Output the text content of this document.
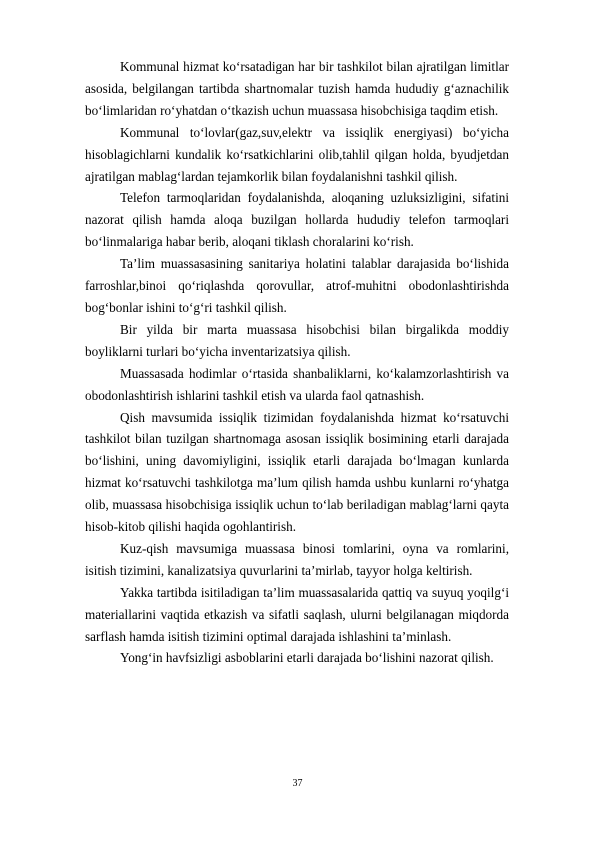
Kommunal hizmat ko‘rsatadigan har bir tashkilot bilan ajratilgan limitlar asosida, belgilangan tartibda shartnomalar tuzish hamda hududiy g‘aznachilik bo‘limlaridan ro‘yhatdan o‘tkazish uchun muassasa hisobchisiga taqdim etish.

Kommunal to‘lovlar(gaz,suv,elektr va issiqlik energiyasi) bo‘yicha hisoblagichlarni kundalik ko‘rsatkichlarini olib,tahlil qilgan holda, byudjetdan ajratilgan mablag‘lardan tejamkorlik bilan foydalanishni tashkil qilish.

Telefon tarmoqlaridan foydalanishda, aloqaning uzluksizligini, sifatini nazorat qilish hamda aloqa buzilgan hollarda hududiy telefon tarmoqlari bo‘linmalariga habar berib, aloqani tiklash choralarini ko‘rish.

Ta’lim muassasasining sanitariya holatini talablar darajasida bo‘lishida farroshlar,binoi qo‘riqlashda qorovullar, atrof-muhitni obodonlashtirishda bog‘bonlar ishini to‘g‘ri tashkil qilish.

Bir yilda bir marta muassasa hisobchisi bilan birgalikda moddiy boyliklarni turlari bo‘yicha inventarizatsiya qilish.

Muassasada hodimlar o‘rtasida shanbaliklarni, ko‘kalamzorlashtirish va obodonlashtirish ishlarini tashkil etish va ularda faol qatnashish.

Qish mavsumida issiqlik tizimidan foydalanishda hizmat ko‘rsatuvchi tashkilot bilan tuzilgan shartnomaga asosan issiqlik bosimining etarli darajada bo‘lishini, uning davomiyligini, issiqlik etarli darajada bo‘lmagan kunlarda hizmat ko‘rsatuvchi tashkilotga ma’lum qilish hamda ushbu kunlarni ro‘yhatga olib, muassasa hisobchisiga issiqlik uchun to‘lab beriladigan mablag‘larni qayta hisob-kitob qilishi haqida ogohlantirish.

Kuz-qish mavsumiga muassasa binosi tomlarini, oyna va romlarini, isitish tizimini, kanalizatsiya quvurlarini ta’mirlab, tayyor holga keltirish.

Yakka tartibda isitiladigan ta’lim muassasalarida qattiq va suyuq yoqilg‘i materiallarini vaqtida etkazish va sifatli saqlash, ulurni belgilanagan miqdorda sarflash hamda isitish tizimini optimal darajada ishlashini ta’minlash.

Yong‘in havfsizligi asboblarini etarli darajada bo‘lishini nazorat qilish.

37
